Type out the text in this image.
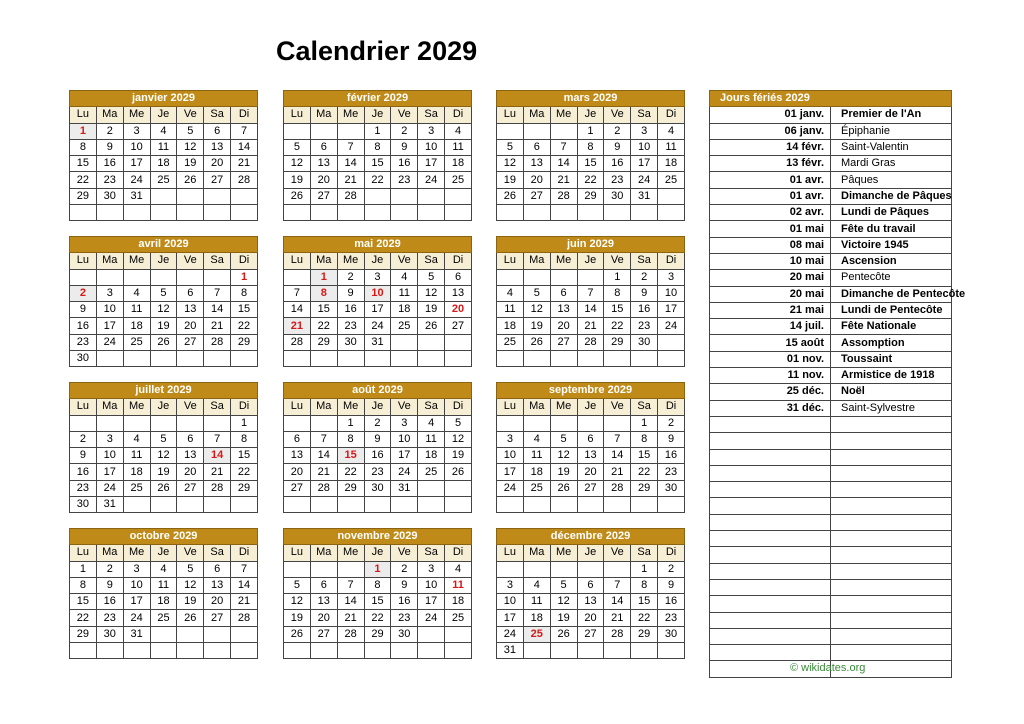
Calendrier 2029
janvier 2029						
Lu	Ma	Me	Je	Ve	Sa	Di
1	2	3	4	5	6	7
8	9	10	11	12	13	14
15	16	17	18	19	20	21
22	23	24	25	26	27	28
29	30	31				

février 2029						
Lu	Ma	Me	Je	Ve	Sa	Di
			1	2	3	4
5	6	7	8	9	10	11
12	13	14	15	16	17	18
19	20	21	22	23	24	25
26	27	28				

mars 2029						
Lu	Ma	Me	Je	Ve	Sa	Di
			1	2	3	4
5	6	7	8	9	10	11
12	13	14	15	16	17	18
19	20	21	22	23	24	25
26	27	28	29	30	31	

avril 2029						
Lu	Ma	Me	Je	Ve	Sa	Di
						1
2	3	4	5	6	7	8
9	10	11	12	13	14	15
16	17	18	19	20	21	22
23	24	25	26	27	28	29
30						
mai 2029						
Lu	Ma	Me	Je	Ve	Sa	Di
	1	2	3	4	5	6
7	8	9	10	11	12	13
14	15	16	17	18	19	20
21	22	23	24	25	26	27
28	29	30	31			

juin 2029						
Lu	Ma	Me	Je	Ve	Sa	Di
				1	2	3
4	5	6	7	8	9	10
11	12	13	14	15	16	17
18	19	20	21	22	23	24
25	26	27	28	29	30	

juillet 2029						
Lu	Ma	Me	Je	Ve	Sa	Di
						1
2	3	4	5	6	7	8
9	10	11	12	13	14	15
16	17	18	19	20	21	22
23	24	25	26	27	28	29
30	31					
août 2029						
Lu	Ma	Me	Je	Ve	Sa	Di
		1	2	3	4	5
6	7	8	9	10	11	12
13	14	15	16	17	18	19
20	21	22	23	24	25	26
27	28	29	30	31		

septembre 2029						
Lu	Ma	Me	Je	Ve	Sa	Di
					1	2
3	4	5	6	7	8	9
10	11	12	13	14	15	16
17	18	19	20	21	22	23
24	25	26	27	28	29	30

octobre 2029						
Lu	Ma	Me	Je	Ve	Sa	Di
1	2	3	4	5	6	7
8	9	10	11	12	13	14
15	16	17	18	19	20	21
22	23	24	25	26	27	28
29	30	31				

novembre 2029						
Lu	Ma	Me	Je	Ve	Sa	Di
			1	2	3	4
5	6	7	8	9	10	11
12	13	14	15	16	17	18
19	20	21	22	23	24	25
26	27	28	29	30		

décembre 2029						
Lu	Ma	Me	Je	Ve	Sa	Di
					1	2
3	4	5	6	7	8	9
10	11	12	13	14	15	16
17	18	19	20	21	22	23
24	25	26	27	28	29	30
31						
Jours fériés 2029	
01 janv.	Premier de l'An
06 janv.	Épiphanie
14 févr.	Saint-Valentin
13 févr.	Mardi Gras
01 avr.	Pâques
01 avr.	Dimanche de Pâques
02 avr.	Lundi de Pâques
01 mai	Fête du travail
08 mai	Victoire 1945
10 mai	Ascension
20 mai	Pentecôte
20 mai	Dimanche de Pentecôte
21 mai	Lundi de Pentecôte
14 juil.	Fête Nationale
15 août	Assomption
01 nov.	Toussaint
11 nov.	Armistice de 1918
25 déc.	Noël
31 déc.	Saint-Sylvestre

© wikidates.org
